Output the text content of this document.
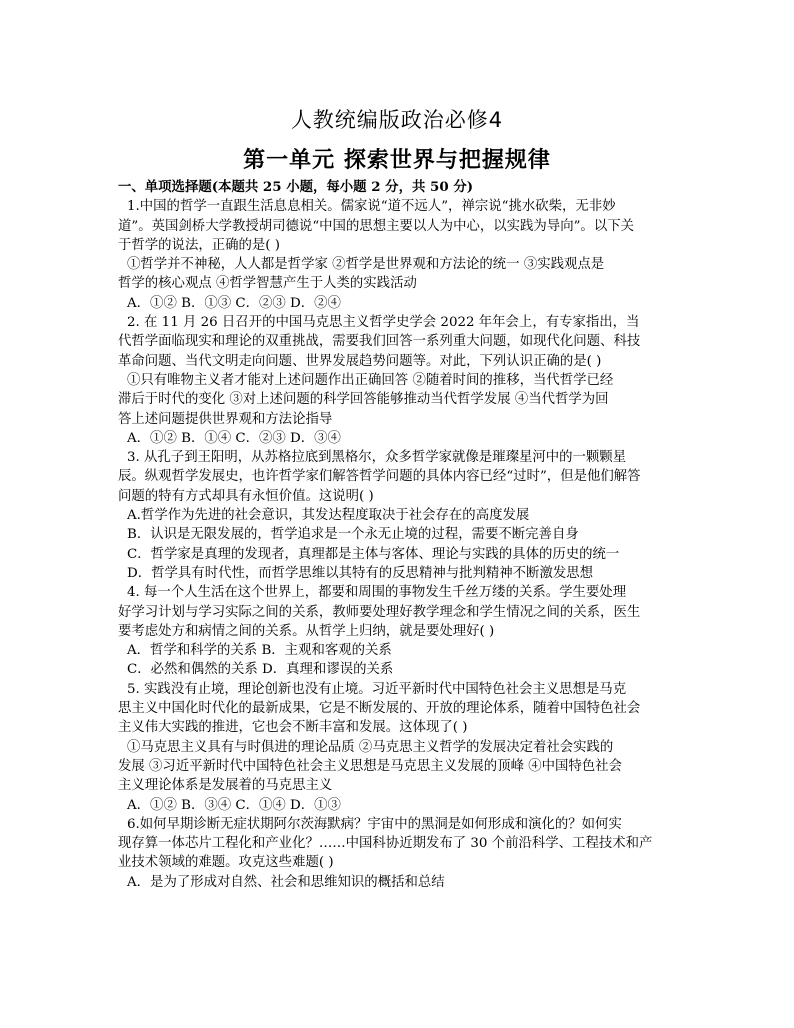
人教统编版政治必修4
第一单元 探索世界与把握规律
一、单项选择题(本题共 25 小题，每小题 2 分，共 50 分)
1.中国的哲学一直跟生活息息相关。儒家说“道不远人”，禅宗说“挑水砍柴，无非妙
道”。英国剑桥大学教授胡司德说“中国的思想主要以人为中心，以实践为导向”。以下关
于哲学的说法，正确的是( )
①哲学并不神秘，人人都是哲学家 ②哲学是世界观和方法论的统一 ③实践观点是
哲学的核心观点 ④哲学智慧产生于人类的实践活动
A．①② B．①③ C．②③ D．②④
2. 在 11 月 26 日召开的中国马克思主义哲学史学会 2022 年年会上，有专家指出，当
代哲学面临现实和理论的双重挑战，需要我们回答一系列重大问题，如现代化问题、科技
革命问题、当代文明走向问题、世界发展趋势问题等。对此，下列认识正确的是( )
①只有唯物主义者才能对上述问题作出正确回答 ②随着时间的推移，当代哲学已经
滞后于时代的变化 ③对上述问题的科学回答能够推动当代哲学发展 ④当代哲学为回
答上述问题提供世界观和方法论指导
A．①② B．①④ C．②③ D．③④
3. 从孔子到王阳明，从苏格拉底到黑格尔，众多哲学家就像是璀璨星河中的一颗颗星
辰。纵观哲学发展史，也许哲学家们解答哲学问题的具体内容已经“过时”，但是他们解答
问题的特有方式却具有永恒价值。这说明( )
A.哲学作为先进的社会意识，其发达程度取决于社会存在的高度发展
B．认识是无限发展的，哲学追求是一个永无止境的过程，需要不断完善自身
C．哲学家是真理的发现者，真理都是主体与客体、理论与实践的具体的历史的统一
D．哲学具有时代性，而哲学思维以其特有的反思精神与批判精神不断激发思想
4. 每一个人生活在这个世界上，都要和周围的事物发生千丝万缕的关系。学生要处理
好学习计划与学习实际之间的关系，教师要处理好教学理念和学生情况之间的关系，医生
要考虑处方和病情之间的关系。从哲学上归纳，就是要处理好( )
A．哲学和科学的关系 B．主观和客观的关系
C．必然和偶然的关系 D．真理和谬误的关系
5. 实践没有止境，理论创新也没有止境。习近平新时代中国特色社会主义思想是马克
思主义中国化时代化的最新成果，它是不断发展的、开放的理论体系，随着中国特色社会
主义伟大实践的推进，它也会不断丰富和发展。这体现了( )
①马克思主义具有与时俱进的理论品质 ②马克思主义哲学的发展决定着社会实践的
发展 ③习近平新时代中国特色社会主义思想是马克思主义发展的顶峰 ④中国特色社会
主义理论体系是发展着的马克思主义
A．①② B．③④ C．①④ D．①③
6.如何早期诊断无症状期阿尔茨海默病？宇宙中的黑洞是如何形成和演化的？如何实
现存算一体芯片工程化和产业化？……中国科协近期发布了 30 个前沿科学、工程技术和产
业技术领域的难题。攻克这些难题( )
A．是为了形成对自然、社会和思维知识的概括和总结
